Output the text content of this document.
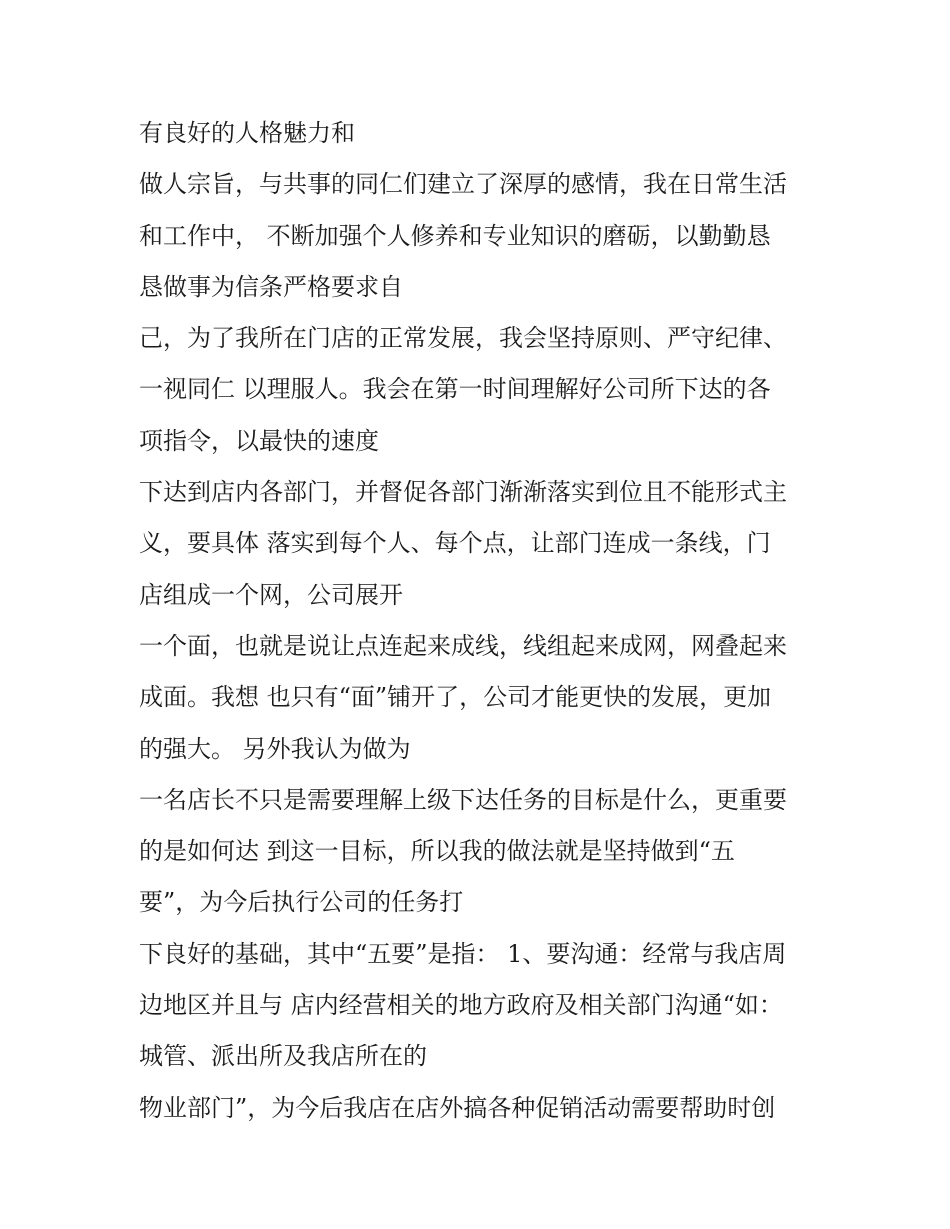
有良好的人格魅力和
做人宗旨，与共事的同仁们建立了深厚的感情，我在日常生活
和工作中， 不断加强个人修养和专业知识的磨砺，以勤勤恳
恳做事为信条严格要求自
己，为了我所在门店的正常发展，我会坚持原则、严守纪律、
一视同仁 以理服人。我会在第一时间理解好公司所下达的各
项指令，以最快的速度
下达到店内各部门，并督促各部门渐渐落实到位且不能形式主
义，要具体 落实到每个人、每个点，让部门连成一条线，门
店组成一个网，公司展开
一个面，也就是说让点连起来成线，线组起来成网，网叠起来
成面。我想 也只有“面”铺开了，公司才能更快的发展，更加
的强大。 另外我认为做为
一名店长不只是需要理解上级下达任务的目标是什么，更重要
的是如何达 到这一目标，所以我的做法就是坚持做到“五
要”，为今后执行公司的任务打
下良好的基础，其中“五要”是指： 1、要沟通：经常与我店周
边地区并且与 店内经营相关的地方政府及相关部门沟通“如：
城管、派出所及我店所在的
物业部门”，为今后我店在店外搞各种促销活动需要帮助时创
